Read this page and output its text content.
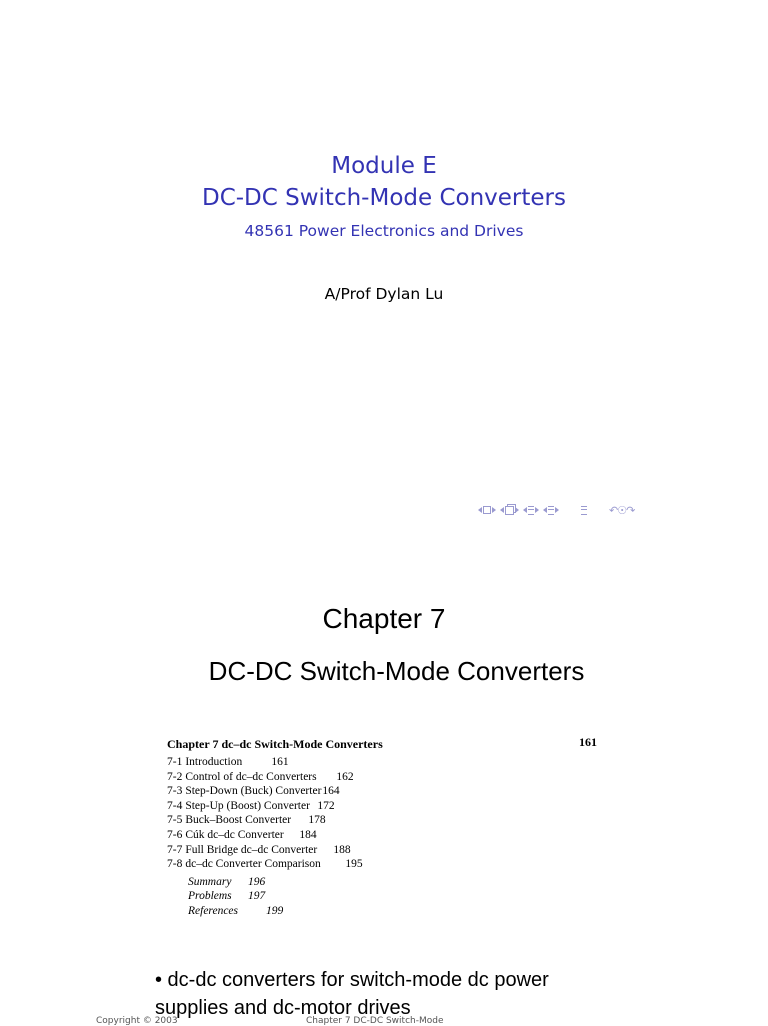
Module E
DC-DC Switch-Mode Converters
48561 Power Electronics and Drives
A/Prof Dylan Lu
↶☉↷
Chapter 7
DC-DC Switch-Mode Converters
Chapter 7 dc–dc Switch-Mode Converters	161
7-1 Introduction	161
7-2 Control of dc–dc Converters 162
7-3 Step-Down (Buck) Converter164
7-4 Step-Up (Boost) Converter 172
7-5 Buck–Boost Converter 178
7-6 Cúk dc–dc Converter 184
7-7 Full Bridge dc–dc Converter 188
7-8 dc–dc Converter Comparison 195
Summary 196
Problems 197
References 199
• dc-dc converters for switch-mode dc power supplies and dc-motor drives
Copyright © 2003	Chapter 7 DC-DC Switch-Mode
